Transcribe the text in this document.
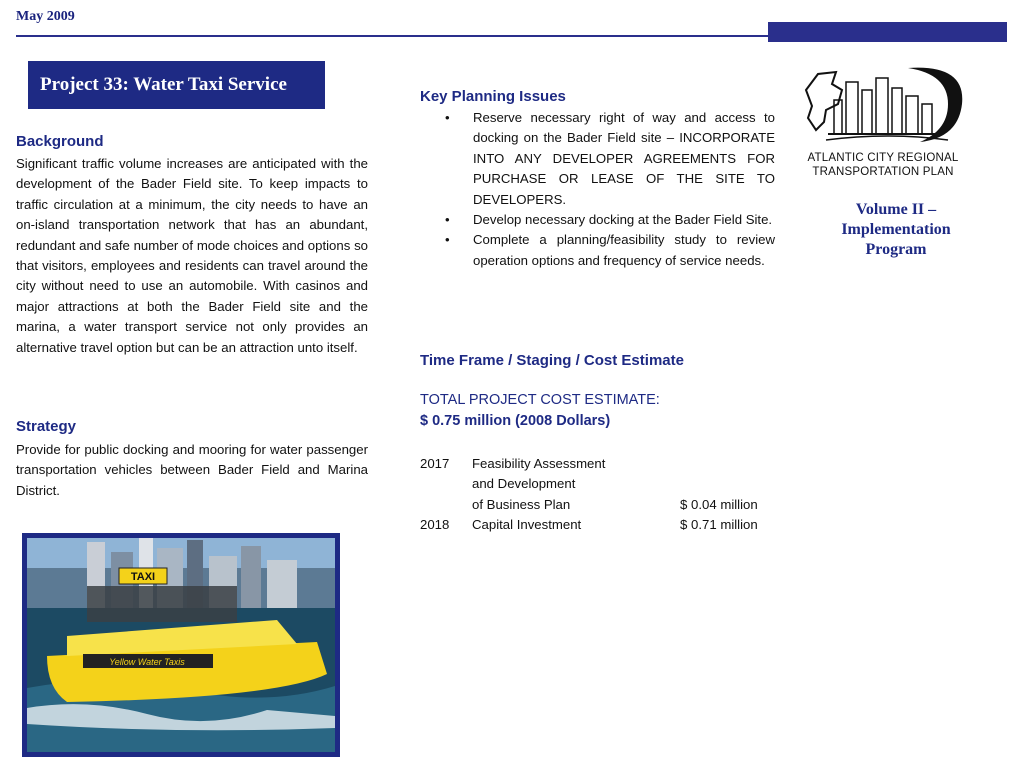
May 2009
Project 33: Water Taxi Service
Background
Significant traffic volume increases are anticipated with the development of the Bader Field site. To keep impacts to traffic circulation at a minimum, the city needs to have an on-island transportation network that has an abundant, redundant and safe number of mode choices and options so that visitors, employees and residents can travel around the city without need to use an automobile. With casinos and major attractions at both the Bader Field site and the marina, a water transport service not only provides an alternative travel option but can be an attraction unto itself.
Strategy
Provide for public docking and mooring for water passenger transportation vehicles between Bader Field and Marina District.
TAXI
Yellow Water Taxis
Key Planning Issues
• Reserve necessary right of way and access to docking on the Bader Field site – INCORPORATE INTO ANY DEVELOPER AGREEMENTS FOR PURCHASE OR LEASE OF THE SITE TO DEVELOPERS.
• Develop necessary docking at the Bader Field Site.
• Complete a planning/feasibility study to review operation options and frequency of service needs.
Time Frame / Staging / Cost Estimate
TOTAL PROJECT COST ESTIMATE:
$ 0.75 million (2008 Dollars)
2017	Feasibility Assessment	
	and Development	
	of Business Plan	$ 0.04 million
2018	Capital Investment	$ 0.71 million
ATLANTIC CITY REGIONAL
TRANSPORTATION PLAN
Volume II –
Implementation
Program
